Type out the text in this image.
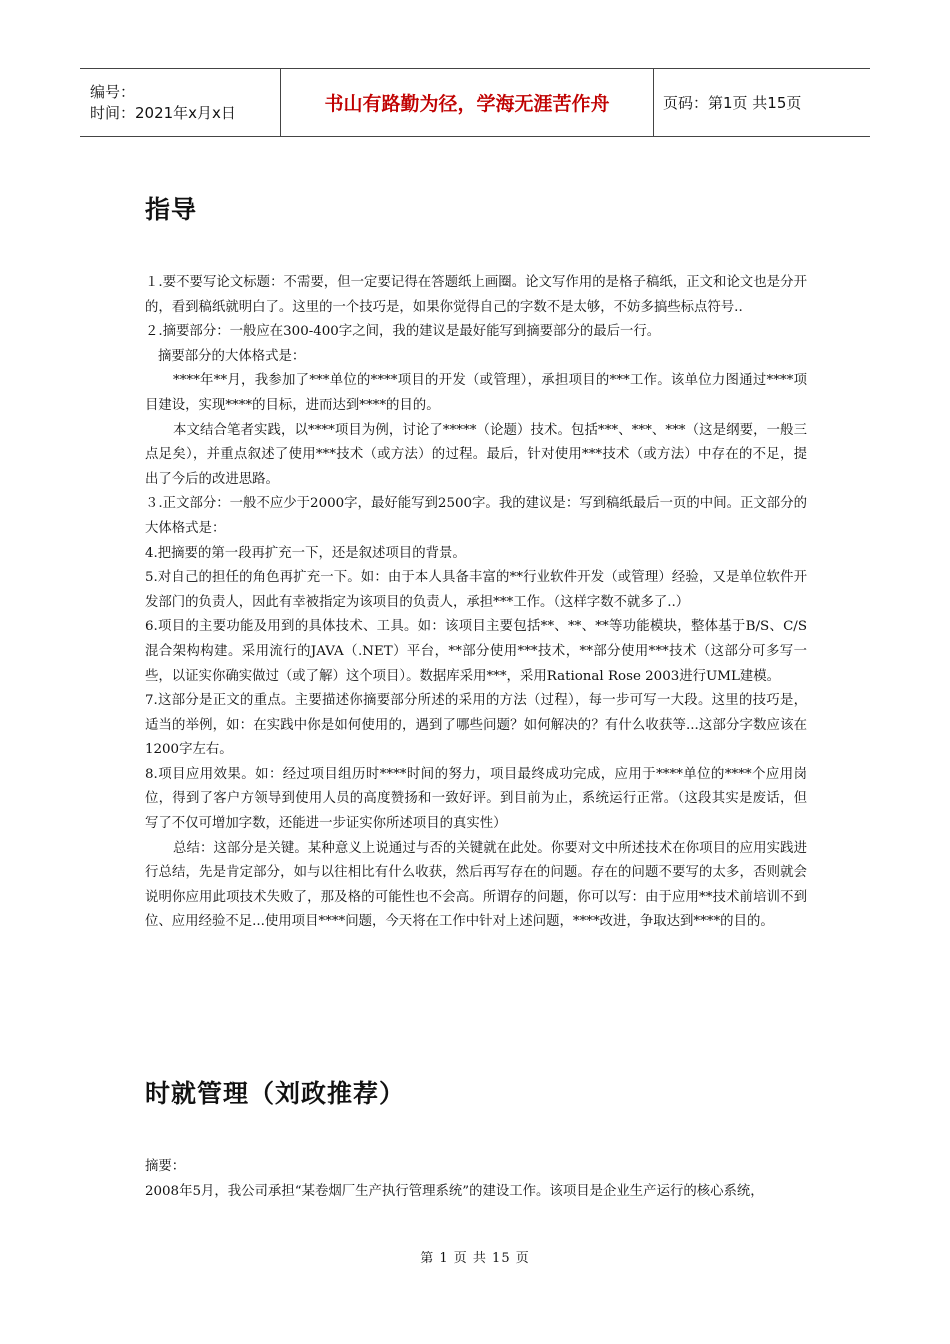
编号：
时间：2021年x月x日	书山有路勤为径，学海无涯苦作舟	页码：第1页 共15页
指导

１.要不要写论文标题：不需要，但一定要记得在答题纸上画圈。论文写作用的是格子稿纸，正文和论文也是分开的，看到稿纸就明白了。这里的一个技巧是，如果你觉得自己的字数不是太够，不妨多搞些标点符号..

２.摘要部分：一般应在300-400字之间，我的建议是最好能写到摘要部分的最后一行。

摘要部分的大体格式是：

****年**月，我参加了***单位的****项目的开发（或管理），承担项目的***工作。该单位力图通过****项目建设，实现****的目标，进而达到****的目的。

本文结合笔者实践，以****项目为例，讨论了*****（论题）技术。包括***、***、***（这是纲要，一般三点足矣），并重点叙述了使用***技术（或方法）的过程。最后，针对使用***技术（或方法）中存在的不足，提出了今后的改进思路。

３.正文部分：一般不应少于2000字，最好能写到2500字。我的建议是：写到稿纸最后一页的中间。正文部分的大体格式是：

4.把摘要的第一段再扩充一下，还是叙述项目的背景。

5.对自己的担任的角色再扩充一下。如：由于本人具备丰富的**行业软件开发（或管理）经验，又是单位软件开发部门的负责人，因此有幸被指定为该项目的负责人，承担***工作。（这样字数不就多了..）

6.项目的主要功能及用到的具体技术、工具。如：该项目主要包括**、**、**等功能模块，整体基于B/S、C/S混合架构构建。采用流行的JAVA（.NET）平台，**部分使用***技术，**部分使用***技术（这部分可多写一些，以证实你确实做过（或了解）这个项目）。数据库采用***，采用Rational Rose 2003进行UML建模。

7.这部分是正文的重点。主要描述你摘要部分所述的采用的方法（过程），每一步可写一大段。这里的技巧是，适当的举例，如：在实践中你是如何使用的，遇到了哪些问题？如何解决的？有什么收获等...这部分字数应该在1200字左右。

8.项目应用效果。如：经过项目组历时****时间的努力，项目最终成功完成，应用于****单位的****个应用岗位，得到了客户方领导到使用人员的高度赞扬和一致好评。到目前为止，系统运行正常。（这段其实是废话，但写了不仅可增加字数，还能进一步证实你所述项目的真实性）

总结：这部分是关键。某种意义上说通过与否的关键就在此处。你要对文中所述技术在你项目的应用实践进行总结，先是肯定部分，如与以往相比有什么收获，然后再写存在的问题。存在的问题不要写的太多，否则就会说明你应用此项技术失败了，那及格的可能性也不会高。所谓存的问题，你可以写：由于应用**技术前培训不到位、应用经验不足...使用项目****问题，今天将在工作中针对上述问题，****改进，争取达到****的目的。

时就管理（刘政推荐）

摘要：

2008年5月，我公司承担“某卷烟厂生产执行管理系统”的建设工作。该项目是企业生产运行的核心系统，

第 1 页 共 15 页
